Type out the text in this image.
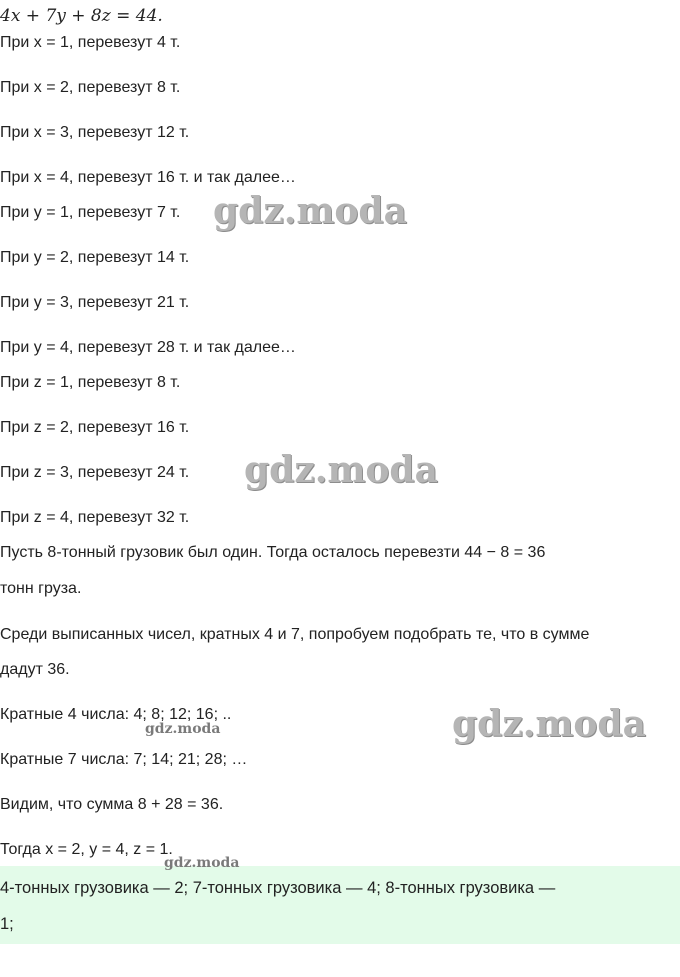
4x + 7y + 8z = 44.
При x = 1, перевезут 4 т.
При x = 2, перевезут 8 т.
При x = 3, перевезут 12 т.
При x = 4, перевезут 16 т. и так далее…
При y = 1, перевезут 7 т.
При y = 2, перевезут 14 т.
При y = 3, перевезут 21 т.
При y = 4, перевезут 28 т. и так далее…
При z = 1, перевезут 8 т.
При z = 2, перевезут 16 т.
При z = 3, перевезут 24 т.
При z = 4, перевезут 32 т.
Пусть 8-тонный грузовик был один. Тогда осталось перевезти 44 − 8 = 36
тонн груза.
Среди выписанных чисел, кратных 4 и 7, попробуем подобрать те, что в сумме
дадут 36.
Кратные 4 числа: 4; 8; 12; 16; ..
Кратные 7 числа: 7; 14; 21; 28; …
Видим, что сумма 8 + 28 = 36.
Тогда x = 2, y = 4, z = 1.
4-тонных грузовика — 2; 7-тонных грузовика — 4; 8-тонных грузовика —
1;
gdz.moda
gdz.moda
gdz.moda
gdz.moda
gdz.moda
